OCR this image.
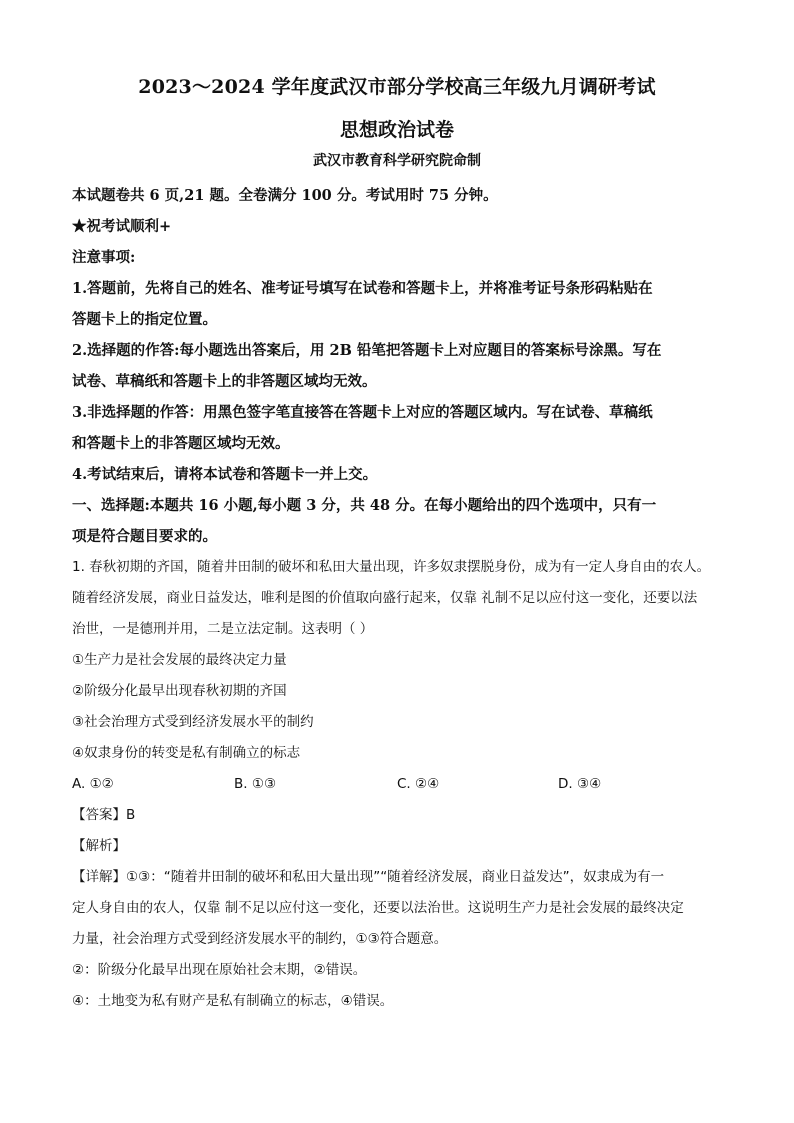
2023～2024 学年度武汉市部分学校高三年级九月调研考试
思想政治试卷
武汉市教育科学研究院命制
本试题卷共 6 页,21 题。全卷满分 100 分。考试用时 75 分钟。
★祝考试顺利+
注意事项:
1.答题前，先将自己的姓名、准考证号填写在试卷和答题卡上，并将准考证号条形码粘贴在
答题卡上的指定位置。
2.选择题的作答:每小题选出答案后，用 2B 铅笔把答题卡上对应题目的答案标号涂黑。写在
试卷、草稿纸和答题卡上的非答题区域均无效。
3.非选择题的作答：用黑色签字笔直接答在答题卡上对应的答题区域内。写在试卷、草稿纸
和答题卡上的非答题区域均无效。
4.考试结束后，请将本试卷和答题卡一并上交。
一、选择题:本题共 16 小题,每小题 3 分，共 48 分。在每小题给出的四个选项中，只有一
项是符合题目要求的。
1. 春秋初期的齐国，随着井田制的破坏和私田大量出现，许多奴隶摆脱身份，成为有一定人身自由的农人。
随着经济发展，商业日益发达，唯利是图的价值取向盛行起来，仅靠 礼制不足以应付这一变化，还要以法
治世，一是德刑并用，二是立法定制。这表明（ ）
①生产力是社会发展的最终决定力量
②阶级分化最早出现春秋初期的齐国
③社会治理方式受到经济发展水平的制约
④奴隶身份的转变是私有制确立的标志
A. ①②	B. ①③	C. ②④	D. ③④
【答案】B
【解析】
【详解】①③：“随着井田制的破坏和私田大量出现”“随着经济发展，商业日益发达”，奴隶成为有一
定人身自由的农人，仅靠 制不足以应付这一变化，还要以法治世。这说明生产力是社会发展的最终决定
力量，社会治理方式受到经济发展水平的制约，①③符合题意。
②：阶级分化最早出现在原始社会末期，②错误。
④：土地变为私有财产是私有制确立的标志，④错误。
